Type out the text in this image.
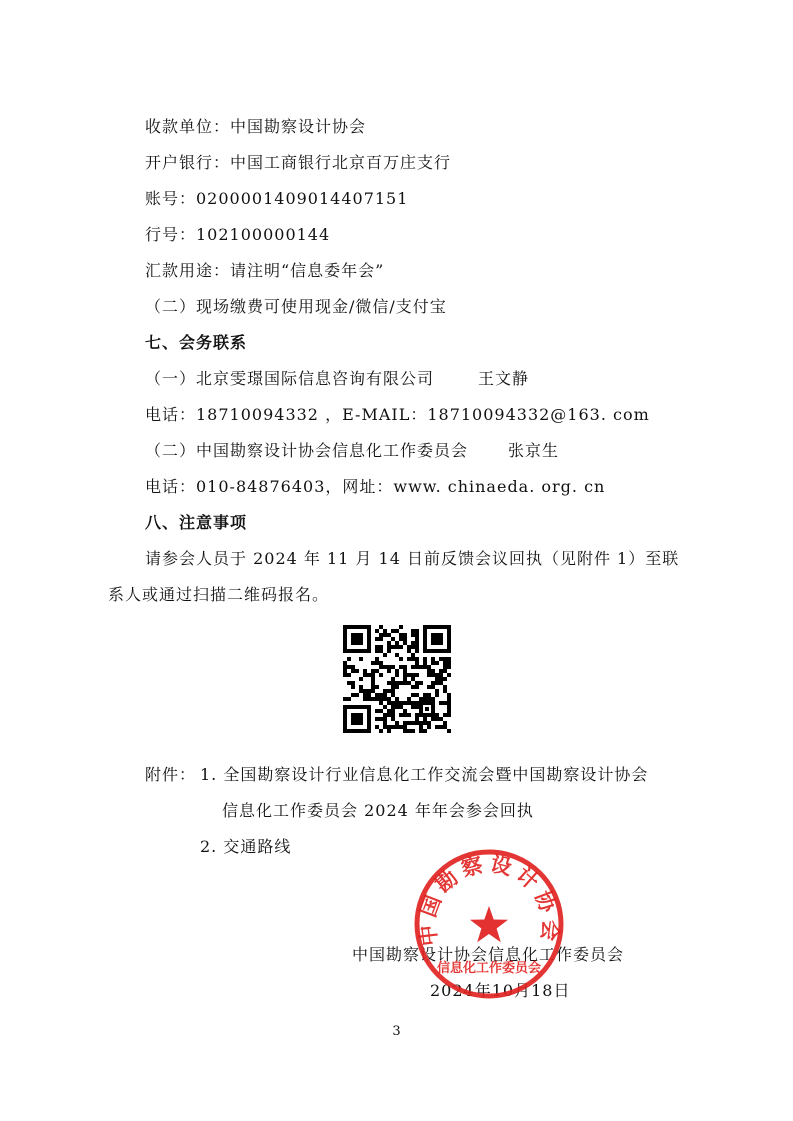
收款单位：中国勘察设计协会
开户银行：中国工商银行北京百万庄支行
账号：0200001409014407151
行号：102100000144
汇款用途：请注明“信息委年会”
（二）现场缴费可使用现金/微信/支付宝
七、会务联系
（一）北京雯璟国际信息咨询有限公司	王文静
电话：18710094332 ，E-MAIL：18710094332@163. com
（二）中国勘察设计协会信息化工作委员会	张京生
电话：010-84876403，网址：www. chinaeda. org. cn
八、注意事项
请参会人员于 2024 年 11 月 14 日前反馈会议回执（见附件 1）至联
系人或通过扫描二维码报名。
附件： 1. 全国勘察设计行业信息化工作交流会暨中国勘察设计协会
信息化工作委员会 2024 年年会参会回执
2. 交通路线
中国勘察设计协会信息化工作委员会
2024年10月18日
中国勘察设计协会
信息化工作委员会
3
